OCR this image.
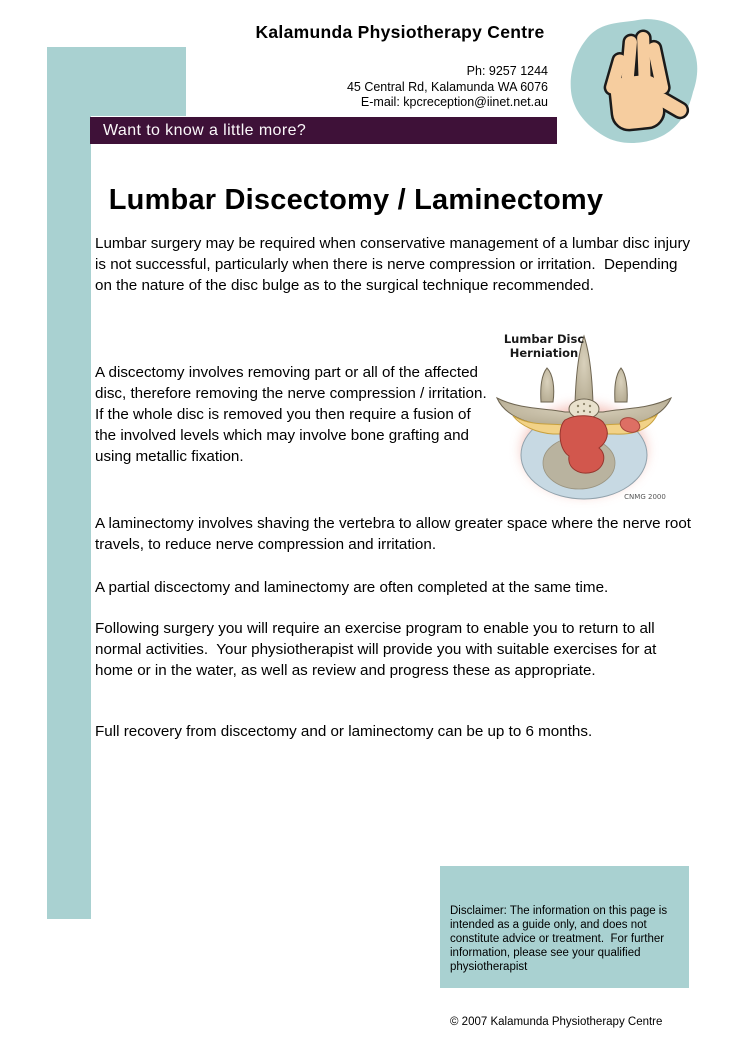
Kalamunda Physiotherapy Centre
Ph: 9257 1244
45 Central Rd, Kalamunda WA 6076
E-mail: kpcreception@iinet.net.au
Want to know a little more?
Lumbar Discectomy / Laminectomy

Lumbar surgery may be required when conservative management of a lumbar disc injury is not successful, particularly when there is nerve compression or irritation.  Depending on the nature of the disc bulge as to the surgical technique recommended.

A discectomy involves removing part or all of the affected disc, therefore removing the nerve compression / irritation.  If the whole disc is removed you then require a fusion of the involved levels which may involve bone grafting and using metallic fixation.

A laminectomy involves shaving the vertebra to allow greater space where the nerve root travels, to reduce nerve compression and irritation.

A partial discectomy and laminectomy are often completed at the same time.

Following surgery you will require an exercise program to enable you to return to all normal activities.  Your physiotherapist will provide you with suitable exercises for at home or in the water, as well as review and progress these as appropriate.

Full recovery from discectomy and or laminectomy can be up to 6 months.

Lumbar Disc
Herniation
CNMG 2000

Disclaimer: The information on this page is intended as a guide only, and does not constitute advice or treatment.  For further information, please see your qualified physiotherapist

© 2007 Kalamunda Physiotherapy Centre
